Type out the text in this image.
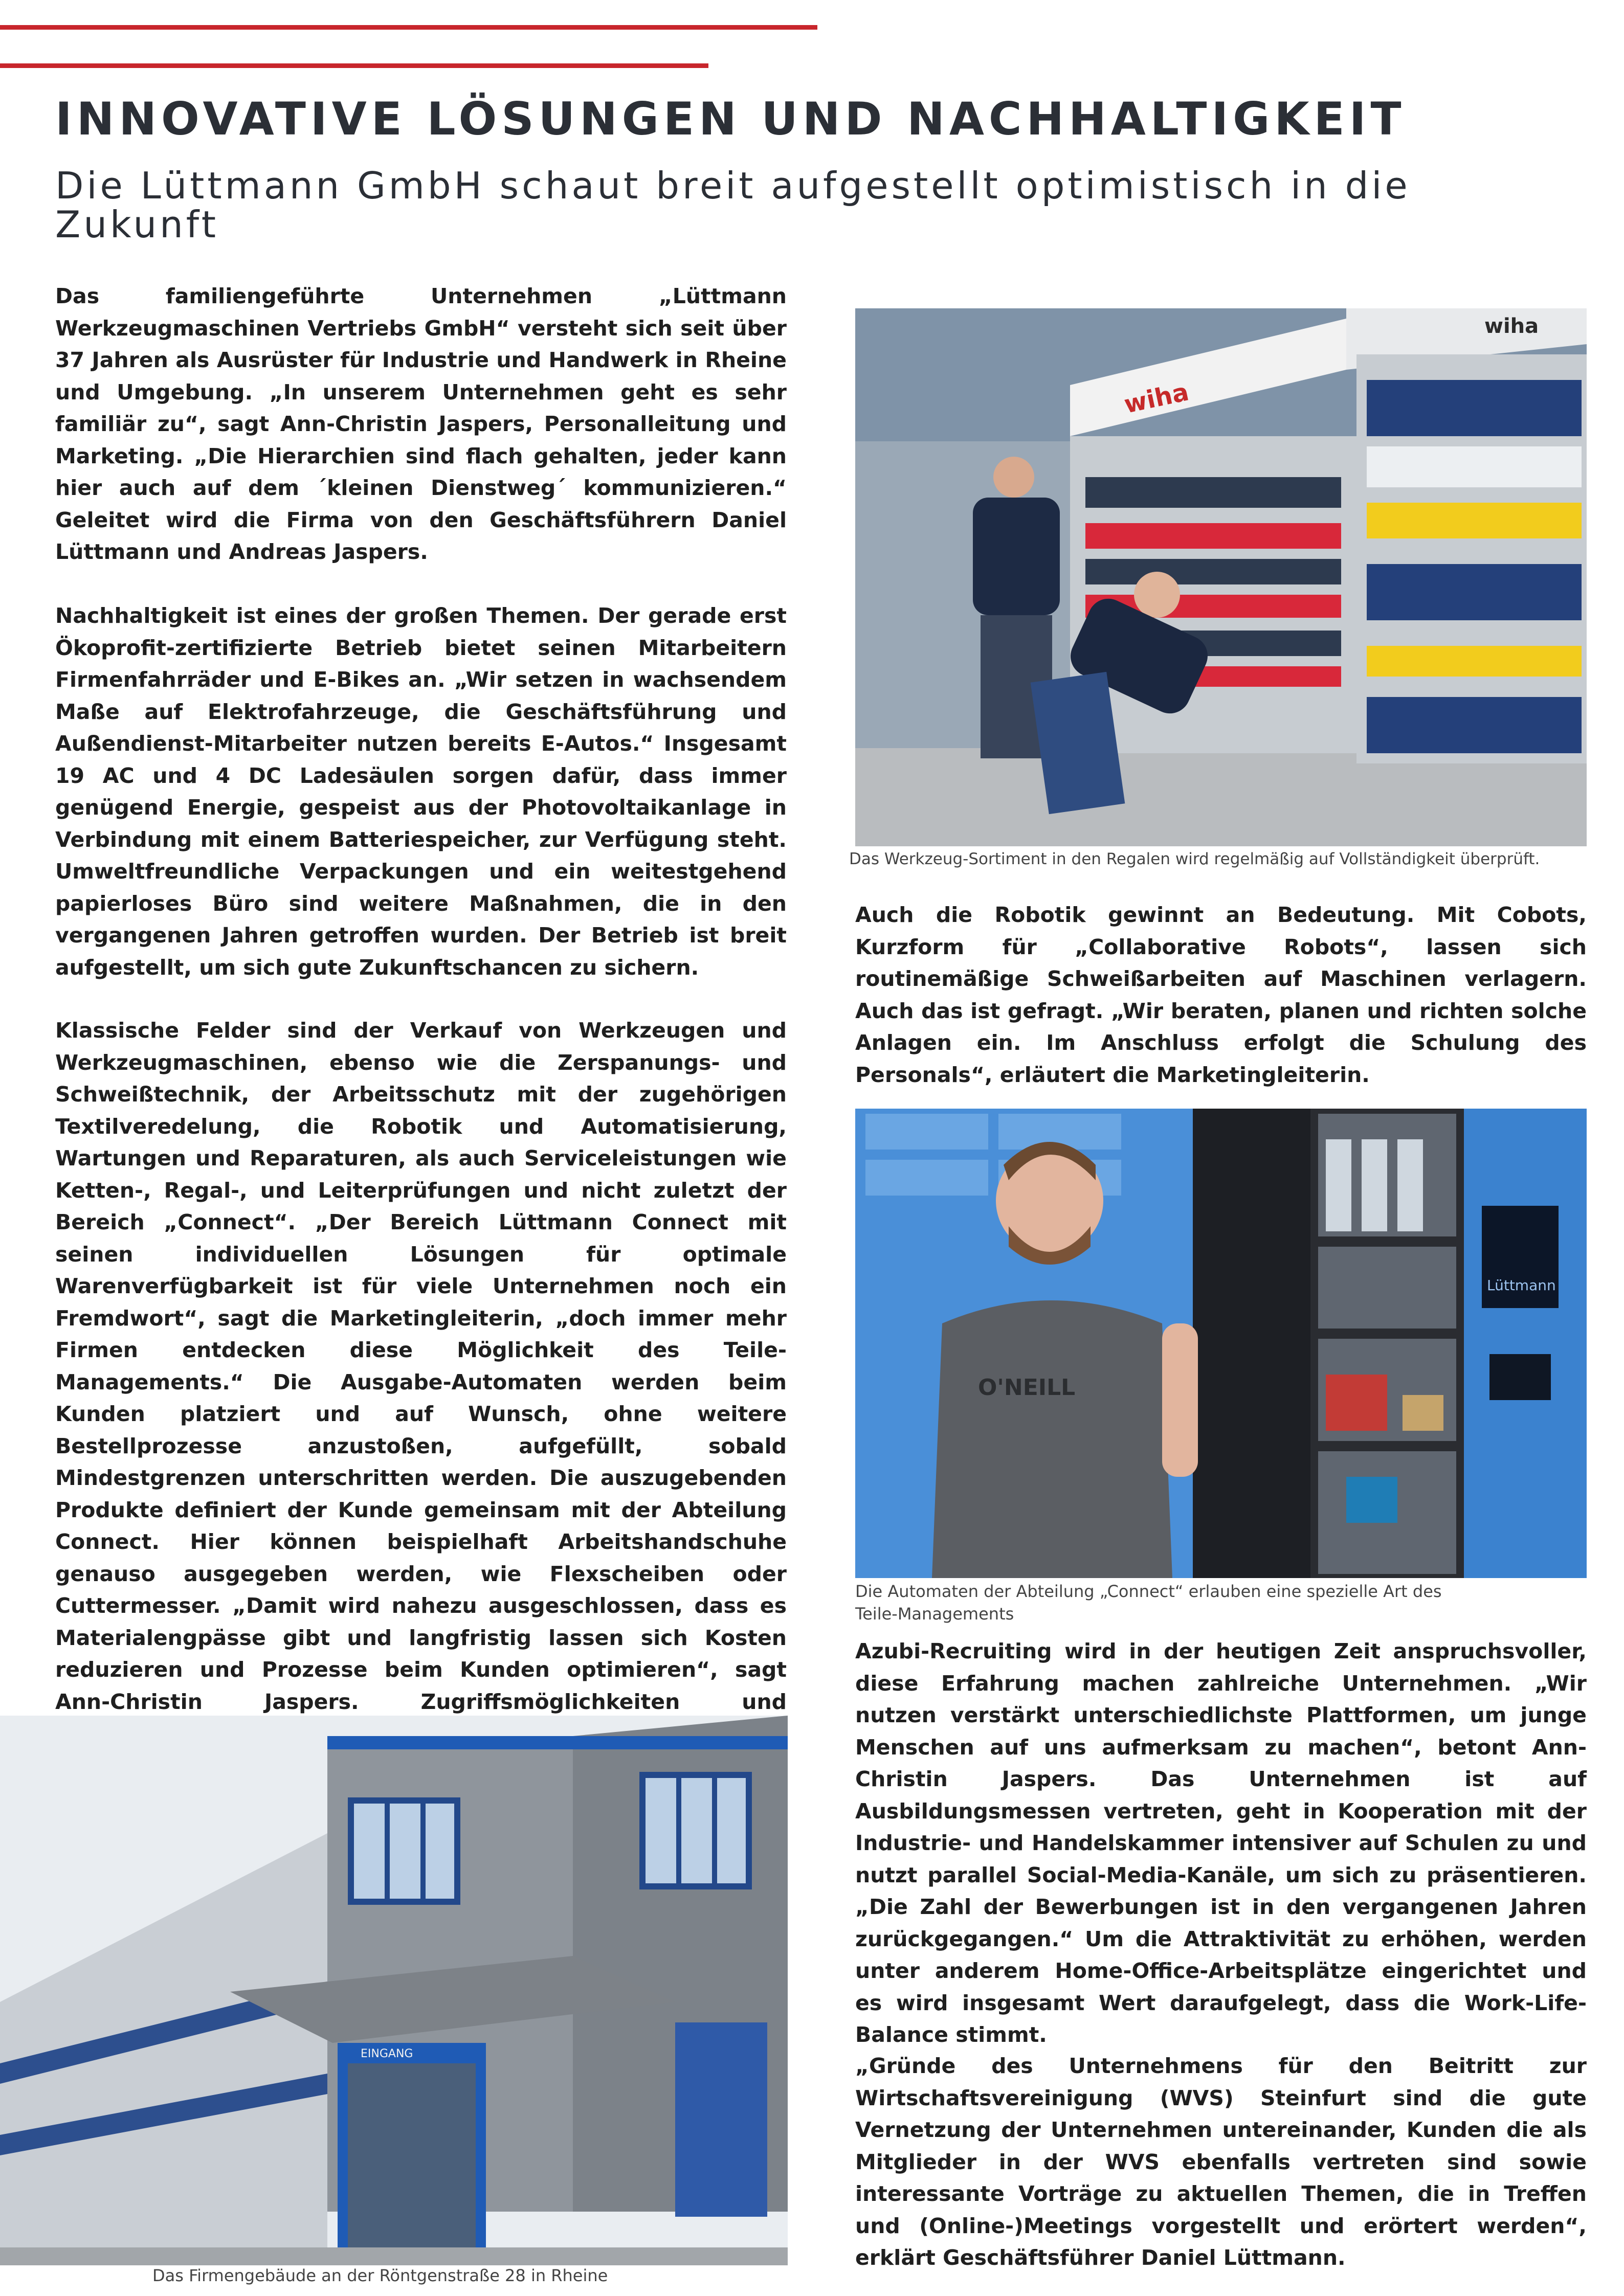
INNOVATIVE LÖSUNGEN UND NACHHALTIGKEIT
Die Lüttmann GmbH schaut breit aufgestellt optimistisch in die Zukunft

Das familiengeführte Unternehmen „Lüttmann Werkzeugmaschinen Vertriebs GmbH“ versteht sich seit über 37 Jahren als Ausrüster für Industrie und Handwerk in Rheine und Umgebung. „In unserem Unternehmen geht es sehr familiär zu“, sagt Ann-Christin Jaspers, Personalleitung und Marketing. „Die Hierarchien sind flach gehalten, jeder kann hier auch auf dem ´kleinen Dienstweg´ kommunizieren.“ Geleitet wird die Firma von den Geschäftsführern Daniel Lüttmann und Andreas Jaspers.

Nachhaltigkeit ist eines der großen Themen. Der gerade erst Ökoprofit-zertifizierte Betrieb bietet seinen Mitarbeitern Firmenfahrräder und E-Bikes an. „Wir setzen in wachsendem Maße auf Elektrofahrzeuge, die Geschäftsführung und Außendienst-Mitarbeiter nutzen bereits E-Autos.“ Insgesamt 19 AC und 4 DC Ladesäulen sorgen dafür, dass immer genügend Energie, gespeist aus der Photovoltaikanlage in Verbindung mit einem Batteriespeicher, zur Verfügung steht. Umweltfreundliche Verpackungen und ein weitestgehend papierloses Büro sind weitere Maßnahmen, die in den vergangenen Jahren getroffen wurden. Der Betrieb ist breit aufgestellt, um sich gute Zukunftschancen zu sichern.

Klassische Felder sind der Verkauf von Werkzeugen und Werkzeugmaschinen, ebenso wie die Zerspanungs- und Schweißtechnik, der Arbeitsschutz mit der zugehörigen Textilveredelung, die Robotik und Automatisierung, Wartungen und Reparaturen, als auch Serviceleistungen wie Ketten-, Regal-, und Leiterprüfungen und nicht zuletzt der Bereich „Connect“. „Der Bereich Lüttmann Connect mit seinen individuellen Lösungen für optimale Warenverfügbarkeit ist für viele Unternehmen noch ein Fremdwort“, sagt die Marketingleiterin, „doch immer mehr Firmen entdecken diese Möglichkeit des Teile-Managements.“ Die Ausgabe-Automaten werden beim Kunden platziert und auf Wunsch, ohne weitere Bestellprozesse anzustoßen, aufgefüllt, sobald Mindestgrenzen unterschritten werden. Die auszugebenden Produkte definiert der Kunde gemeinsam mit der Abteilung Connect. Hier können beispielhaft Arbeitshandschuhe genauso ausgegeben werden, wie Flexscheiben oder Cuttermesser. „Damit wird nahezu ausgeschlossen, dass es Materialengpässe gibt und langfristig lassen sich Kosten reduzieren und Prozesse beim Kunden optimieren“, sagt Ann-Christin Jaspers. Zugriffsmöglichkeiten und

wiha
wiha

Das Werkzeug-Sortiment in den Regalen wird regelmäßig auf Vollständigkeit überprüft.

Auch die Robotik gewinnt an Bedeutung. Mit Cobots, Kurzform für „Collaborative Robots“, lassen sich routinemäßige Schweißarbeiten auf Maschinen verlagern. Auch das ist gefragt. „Wir beraten, planen und richten solche Anlagen ein. Im Anschluss erfolgt die Schulung des Personals“, erläutert die Marketingleiterin.

Lüttmann
O'NEILL

Die Automaten der Abteilung „Connect“ erlauben eine spezielle Art des

Teile-Managements

Azubi-Recruiting wird in der heutigen Zeit anspruchsvoller, diese Erfahrung machen zahlreiche Unternehmen. „Wir nutzen verstärkt unterschiedlichste Plattformen, um junge Menschen auf uns aufmerksam zu machen“, betont Ann-Christin Jaspers. Das Unternehmen ist auf Ausbildungsmessen vertreten, geht in Kooperation mit der Industrie- und Handelskammer intensiver auf Schulen zu und nutzt parallel Social-Media-Kanäle, um sich zu präsentieren. „Die Zahl der Bewerbungen ist in den vergangenen Jahren zurückgegangen.“ Um die Attraktivität zu erhöhen, werden unter anderem Home-Office-Arbeitsplätze eingerichtet und es wird insgesamt Wert daraufgelegt, dass die Work-Life-Balance stimmt.

„Gründe des Unternehmens für den Beitritt zur Wirtschaftsvereinigung (WVS) Steinfurt sind die gute Vernetzung der Unternehmen untereinander, Kunden die als Mitglieder in der WVS ebenfalls vertreten sind sowie interessante Vorträge zu aktuellen Themen, die in Treffen und (Online-)Meetings vorgestellt und erörtert werden“, erklärt Geschäftsführer Daniel Lüttmann.

EINGANG

Das Firmengebäude an der Röntgenstraße 28 in Rheine
